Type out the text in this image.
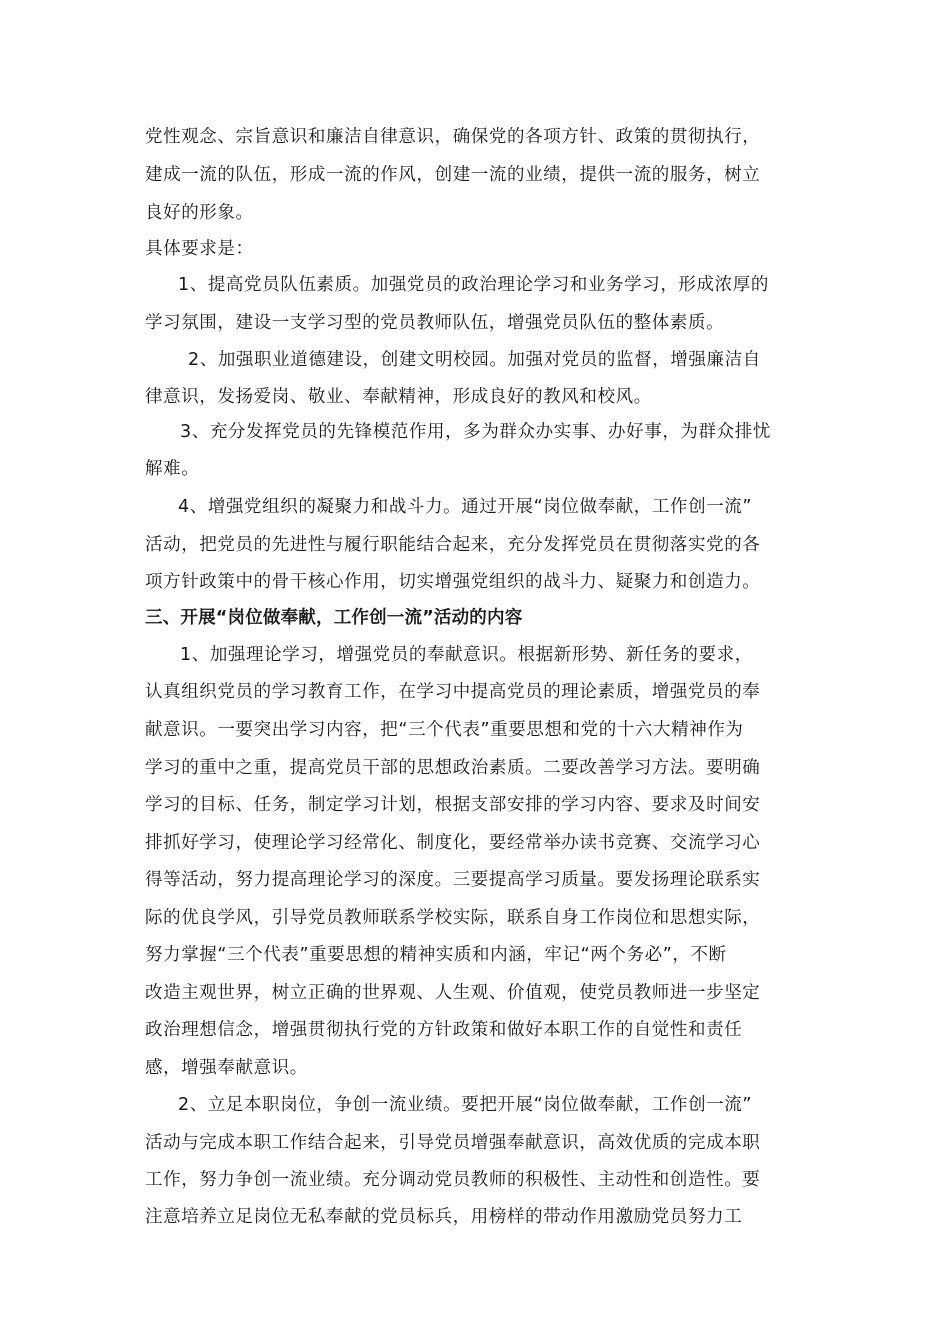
党性观念、宗旨意识和廉洁自律意识，确保党的各项方针、政策的贯彻执行，
建成一流的队伍，形成一流的作风，创建一流的业绩，提供一流的服务，树立
良好的形象。
具体要求是：
1、提高党员队伍素质。加强党员的政治理论学习和业务学习，形成浓厚的
学习氛围，建设一支学习型的党员教师队伍，增强党员队伍的整体素质。
2、加强职业道德建设，创建文明校园。加强对党员的监督，增强廉洁自
律意识，发扬爱岗、敬业、奉献精神，形成良好的教风和校风。
3、充分发挥党员的先锋模范作用，多为群众办实事、办好事，为群众排忧
解难。
4、增强党组织的凝聚力和战斗力。通过开展“岗位做奉献，工作创一流”
活动，把党员的先进性与履行职能结合起来，充分发挥党员在贯彻落实党的各
项方针政策中的骨干核心作用，切实增强党组织的战斗力、疑聚力和创造力。
三、开展“岗位做奉献，工作创一流”活动的内容
1、加强理论学习，增强党员的奉献意识。根据新形势、新任务的要求，
认真组织党员的学习教育工作，在学习中提高党员的理论素质，增强党员的奉
献意识。一要突出学习内容，把“三个代表”重要思想和党的十六大精神作为
学习的重中之重，提高党员干部的思想政治素质。二要改善学习方法。要明确
学习的目标、任务，制定学习计划，根据支部安排的学习内容、要求及时间安
排抓好学习，使理论学习经常化、制度化，要经常举办读书竞赛、交流学习心
得等活动，努力提高理论学习的深度。三要提高学习质量。要发扬理论联系实
际的优良学风，引导党员教师联系学校实际，联系自身工作岗位和思想实际，
努力掌握“三个代表”重要思想的精神实质和内涵，牢记“两个务必”，不断
改造主观世界，树立正确的世界观、人生观、价值观，使党员教师进一步坚定
政治理想信念，增强贯彻执行党的方针政策和做好本职工作的自觉性和责任
感，增强奉献意识。
2、立足本职岗位，争创一流业绩。要把开展“岗位做奉献，工作创一流”
活动与完成本职工作结合起来，引导党员增强奉献意识，高效优质的完成本职
工作，努力争创一流业绩。充分调动党员教师的积极性、主动性和创造性。要
注意培养立足岗位无私奉献的党员标兵，用榜样的带动作用激励党员努力工
